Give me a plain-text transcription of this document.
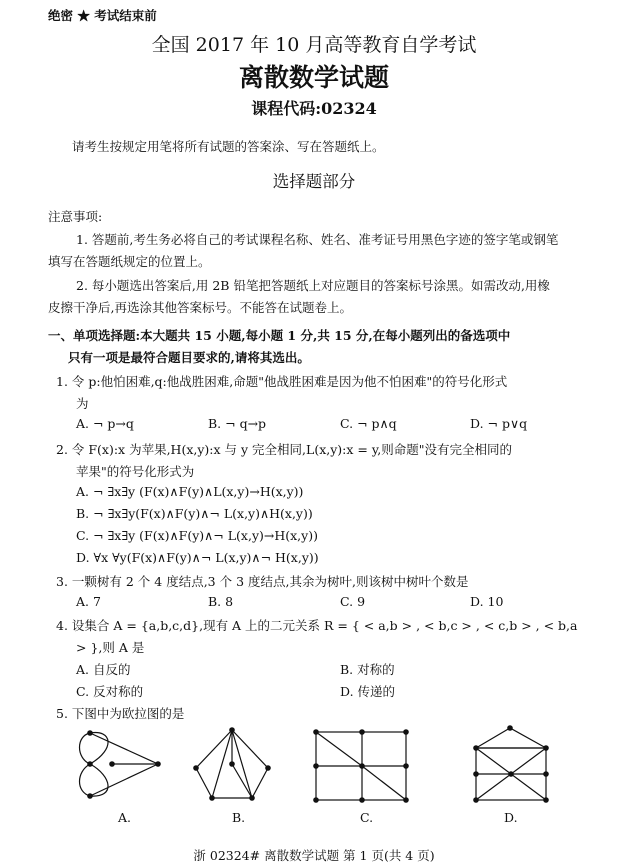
绝密 ★ 考试结束前
全国 2017 年 10 月高等教育自学考试
离散数学试题
课程代码:02324
请考生按规定用笔将所有试题的答案涂、写在答题纸上。
选择题部分
注意事项:
1. 答题前,考生务必将自己的考试课程名称、姓名、准考证号用黑色字迹的签字笔或钢笔
填写在答题纸规定的位置上。
2. 每小题选出答案后,用 2B 铅笔把答题纸上对应题目的答案标号涂黑。如需改动,用橡
皮擦干净后,再选涂其他答案标号。不能答在试题卷上。
一、单项选择题:本大题共 15 小题,每小题 1 分,共 15 分,在每小题列出的备选项中
只有一项是最符合题目要求的,请将其选出。
1. 令 p:他怕困难,q:他战胜困难,命题"他战胜困难是因为他不怕困难"的符号化形式
为
A. ¬ p→q	B. ¬ q→p	C. ¬ p∧q	D. ¬ p∨q
2. 令 F(x):x 为苹果,H(x,y):x 与 y 完全相同,L(x,y):x = y,则命题"没有完全相同的
苹果"的符号化形式为
A. ¬ ∃x∃y (F(x)∧F(y)∧L(x,y)→H(x,y))
B. ¬ ∃x∃y(F(x)∧F(y)∧¬ L(x,y)∧H(x,y))
C. ¬ ∃x∃y (F(x)∧F(y)∧¬ L(x,y)→H(x,y))
D. ∀x ∀y(F(x)∧F(y)∧¬ L(x,y)∧¬ H(x,y))
3. 一颗树有 2 个 4 度结点,3 个 3 度结点,其余为树叶,则该树中树叶个数是
A. 7	B. 8	C. 9	D. 10
4. 设集合 A = {a,b,c,d},现有 A 上的二元关系 R = { < a,b > , < b,c > , < c,b > , < b,a
> },则 A 是
A. 自反的	B. 对称的
C. 反对称的	D. 传递的
5. 下图中为欧拉图的是
A.	B.	C.	D.
浙 02324# 离散数学试题 第 1 页(共 4 页)
